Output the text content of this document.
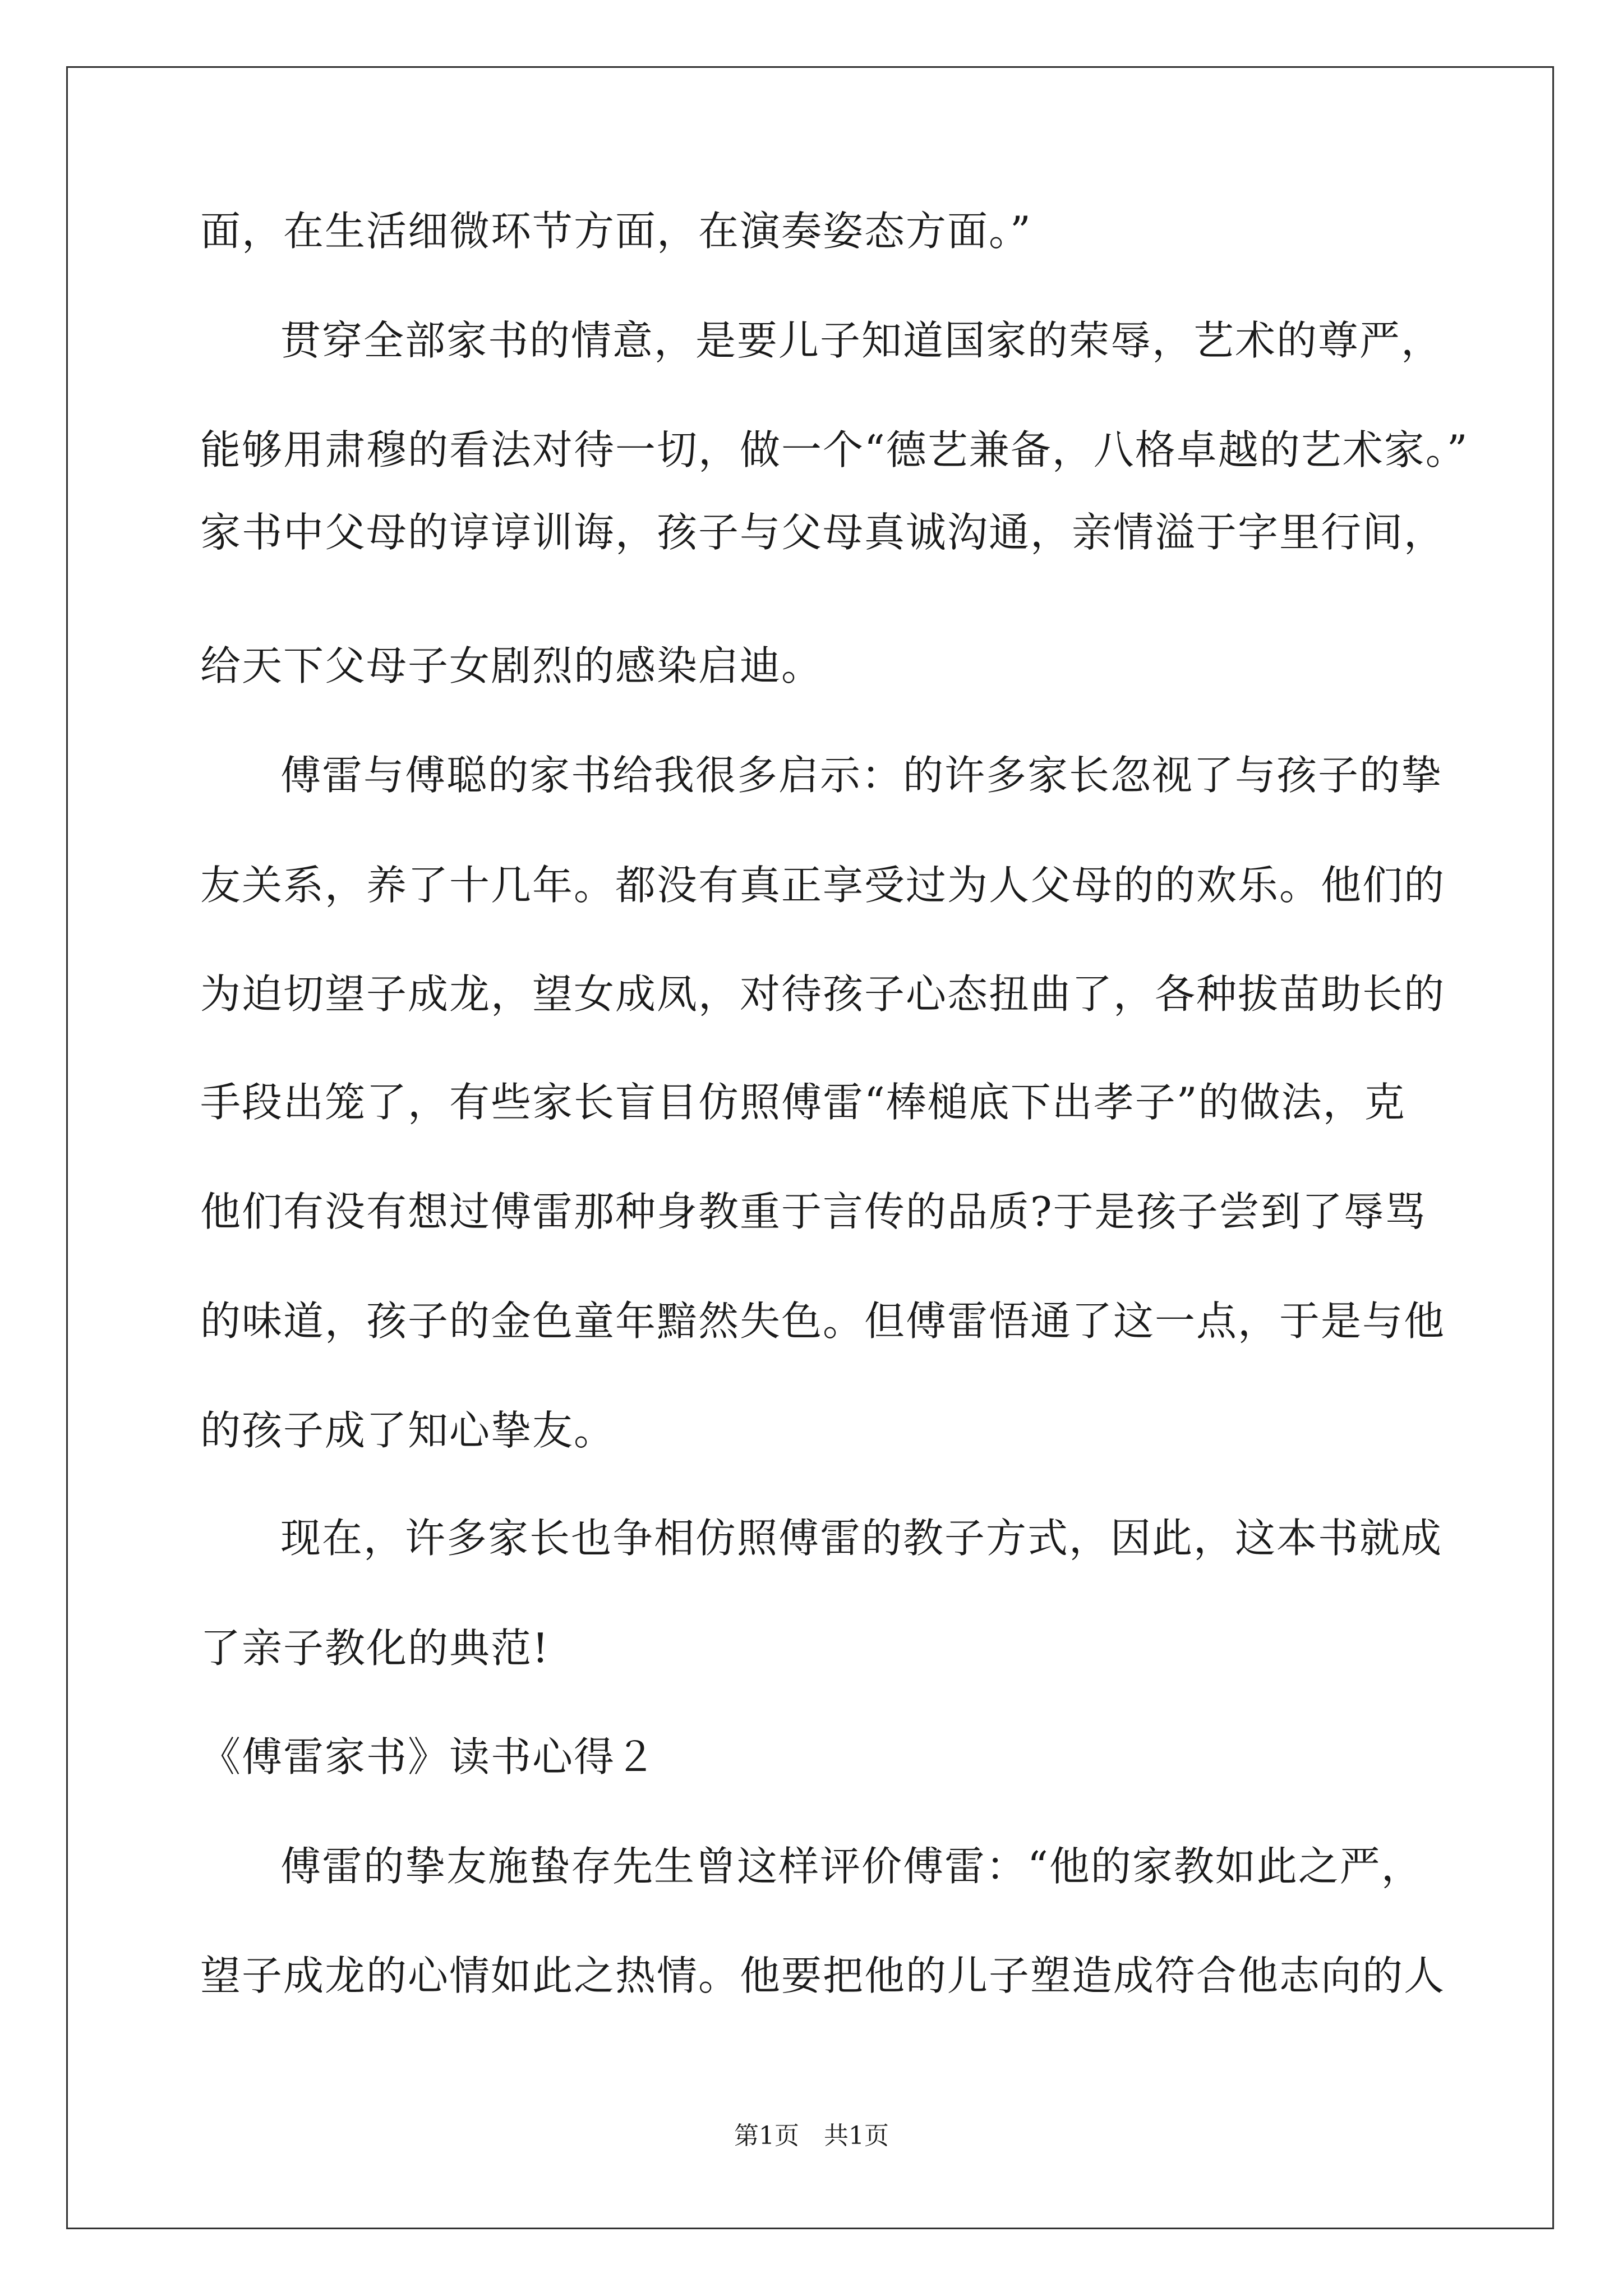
面，在生活细微环节方面，在演奏姿态方面。”
贯穿全部家书的情意，是要儿子知道国家的荣辱，艺术的尊严，
能够用肃穆的看法对待一切，做一个“德艺兼备，八格卓越的艺术家。”
家书中父母的谆谆训诲，孩子与父母真诚沟通，亲情溢于字里行间，
给天下父母子女剧烈的感染启迪。
傅雷与傅聪的家书给我很多启示：的许多家长忽视了与孩子的挚
友关系，养了十几年。都没有真正享受过为人父母的的欢乐。他们的
为迫切望子成龙，望女成凤，对待孩子心态扭曲了，各种拔苗助长的
手段出笼了，有些家长盲目仿照傅雷“棒槌底下出孝子”的做法，克
他们有没有想过傅雷那种身教重于言传的品质?于是孩子尝到了辱骂
的味道，孩子的金色童年黯然失色。但傅雷悟通了这一点，于是与他
的孩子成了知心挚友。
现在，许多家长也争相仿照傅雷的教子方式，因此，这本书就成
了亲子教化的典范!
《傅雷家书》读书心得２
傅雷的挚友施蛰存先生曾这样评价傅雷：“他的家教如此之严，
望子成龙的心情如此之热情。他要把他的儿子塑造成符合他志向的人
第1页　共1页
